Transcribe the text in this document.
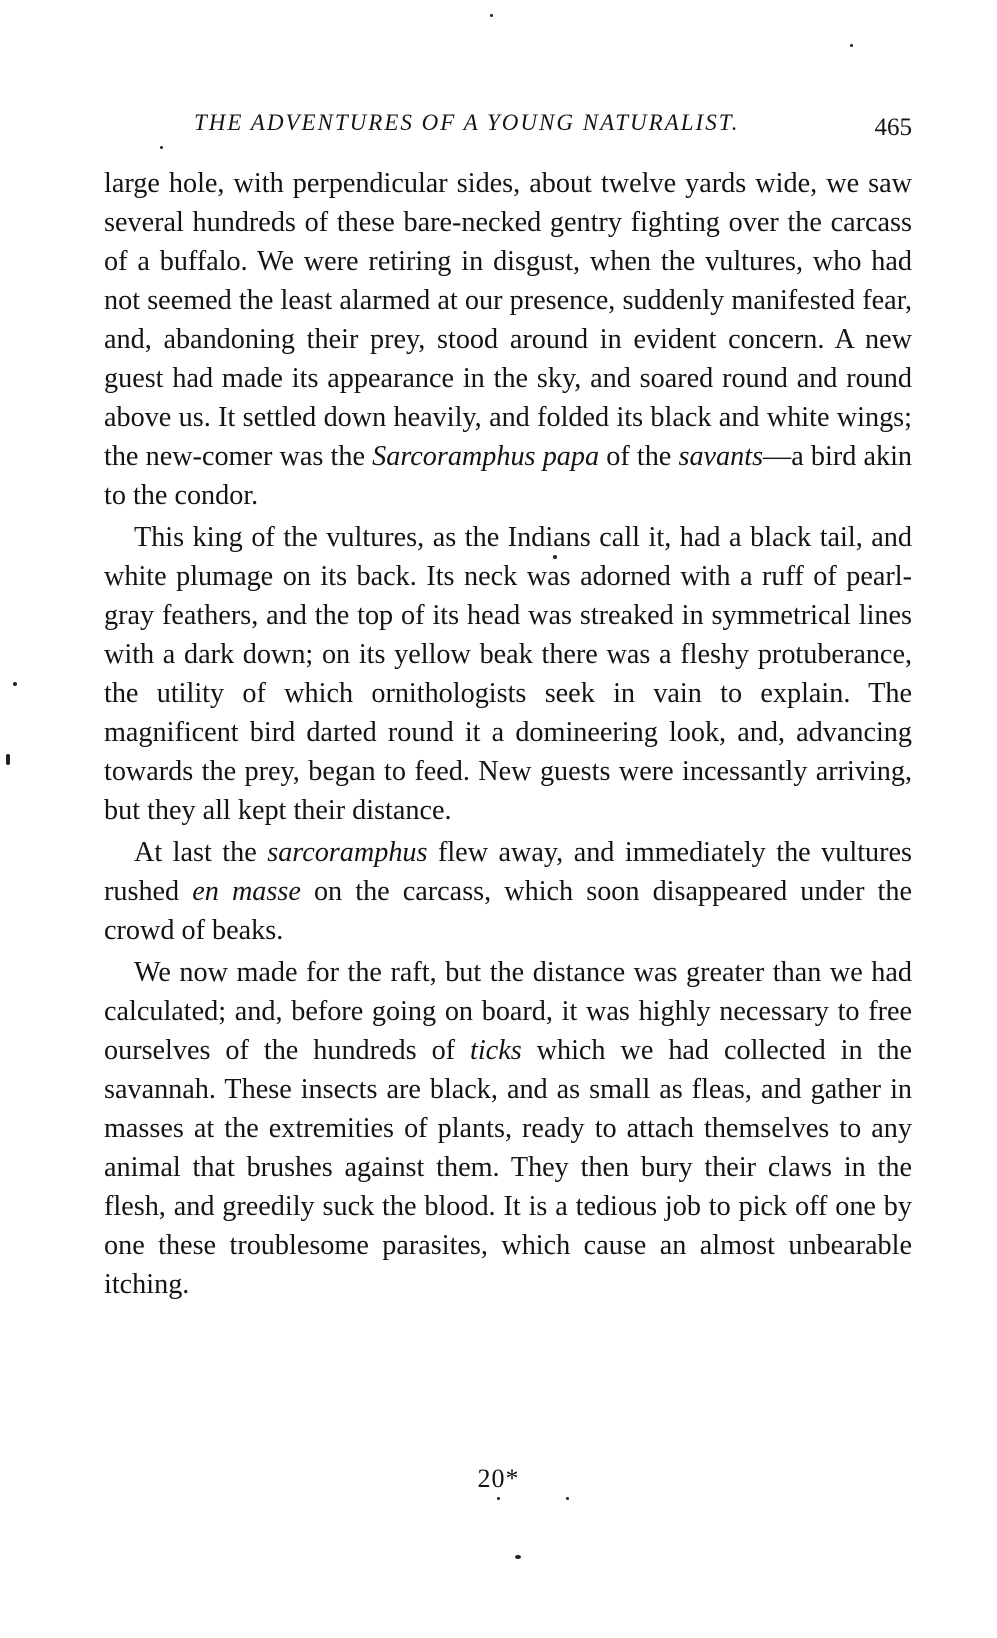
THE ADVENTURES OF A YOUNG NATURALIST.	465

large hole, with perpendicular sides, about twelve yards wide, we saw several hundreds of these bare-necked gentry fighting over the carcass of a buffalo. We were retiring in disgust, when the vultures, who had not seemed the least alarmed at our presence, suddenly manifested fear, and, abandoning their prey, stood around in evident concern. A new guest had made its appearance in the sky, and soared round and round above us. It settled down heavily, and folded its black and white wings; the new-comer was the Sarcoramphus papa of the savants—a bird akin to the condor.

This king of the vultures, as the Indians call it, had a black tail, and white plumage on its back. Its neck was adorned with a ruff of pearl-gray feathers, and the top of its head was streaked in symmetrical lines with a dark down; on its yellow beak there was a fleshy protuberance, the utility of which ornithologists seek in vain to explain. The magnificent bird darted round it a domineering look, and, advancing towards the prey, began to feed. New guests were incessantly arriving, but they all kept their distance.

At last the sarcoramphus flew away, and immediately the vultures rushed en masse on the carcass, which soon disappeared under the crowd of beaks.

We now made for the raft, but the distance was greater than we had calculated; and, before going on board, it was highly necessary to free ourselves of the hundreds of ticks which we had collected in the savannah. These insects are black, and as small as fleas, and gather in masses at the extremities of plants, ready to attach themselves to any animal that brushes against them. They then bury their claws in the flesh, and greedily suck the blood. It is a tedious job to pick off one by one these troublesome parasites, which cause an almost unbearable itching.

20*
